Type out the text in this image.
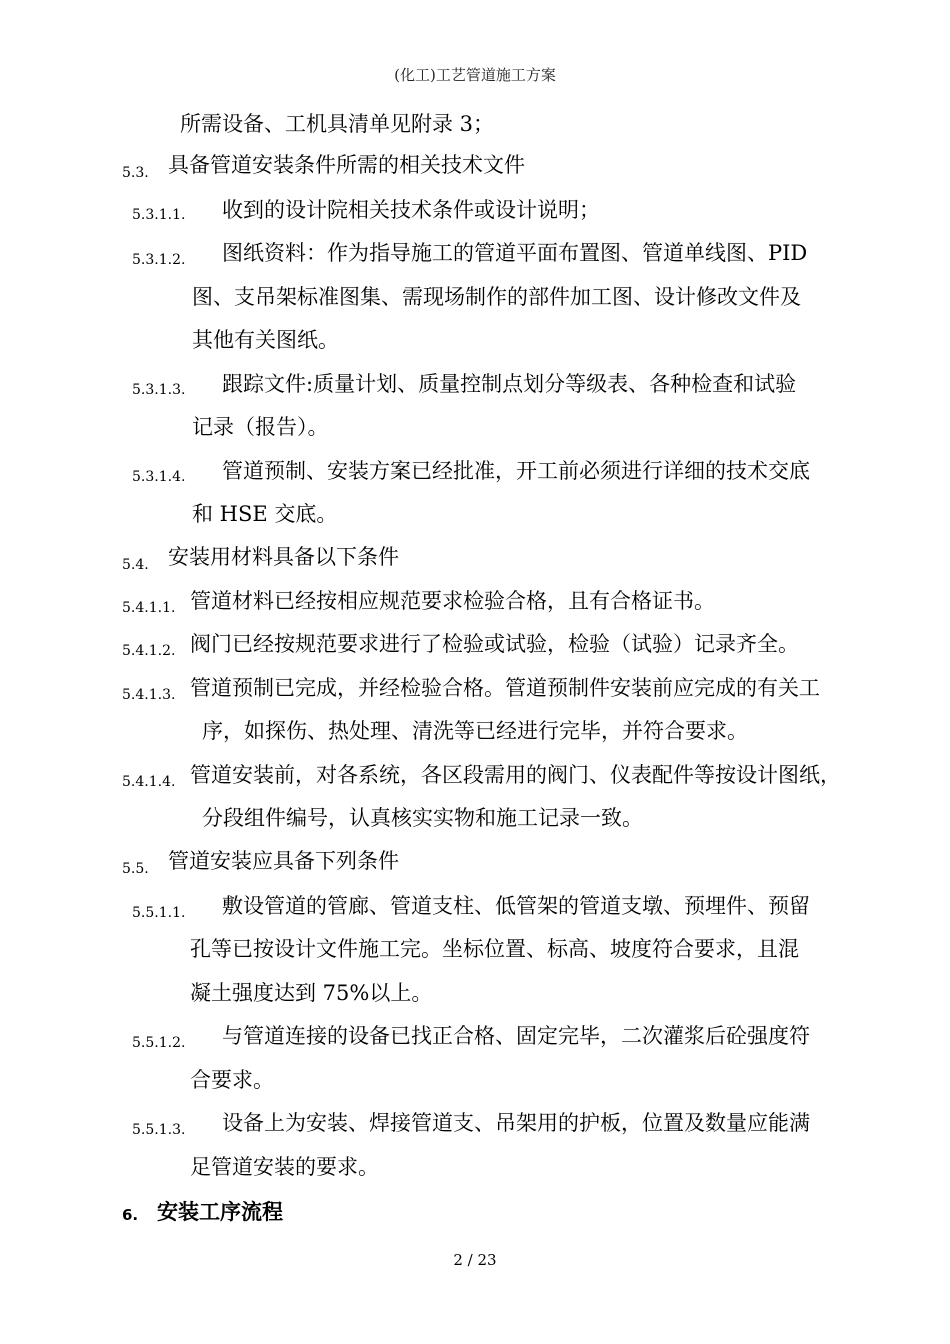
(化工)工艺管道施工方案
所需设备、工机具清单见附录 3；
5.3. 具备管道安装条件所需的相关技术文件
5.3.1.1. 收到的设计院相关技术条件或设计说明；
5.3.1.2. 图纸资料：作为指导施工的管道平面布置图、管道单线图、PID
图、支吊架标准图集、需现场制作的部件加工图、设计修改文件及
其他有关图纸。
5.3.1.3. 跟踪文件:质量计划、质量控制点划分等级表、各种检查和试验
记录（报告）。
5.3.1.4. 管道预制、安装方案已经批准，开工前必须进行详细的技术交底
和 HSE 交底。
5.4. 安装用材料具备以下条件
5.4.1.1. 管道材料已经按相应规范要求检验合格，且有合格证书。
5.4.1.2. 阀门已经按规范要求进行了检验或试验，检验（试验）记录齐全。
5.4.1.3. 管道预制已完成，并经检验合格。管道预制件安装前应完成的有关工
序，如探伤、热处理、清洗等已经进行完毕，并符合要求。
5.4.1.4. 管道安装前，对各系统，各区段需用的阀门、仪表配件等按设计图纸，
分段组件编号，认真核实实物和施工记录一致。
5.5. 管道安装应具备下列条件
5.5.1.1. 敷设管道的管廊、管道支柱、低管架的管道支墩、预埋件、预留
孔等已按设计文件施工完。坐标位置、标高、坡度符合要求，且混
凝土强度达到 75%以上。
5.5.1.2. 与管道连接的设备已找正合格、固定完毕，二次灌浆后砼强度符
合要求。
5.5.1.3. 设备上为安装、焊接管道支、吊架用的护板，位置及数量应能满
足管道安装的要求。
6. 安装工序流程
2 / 23
